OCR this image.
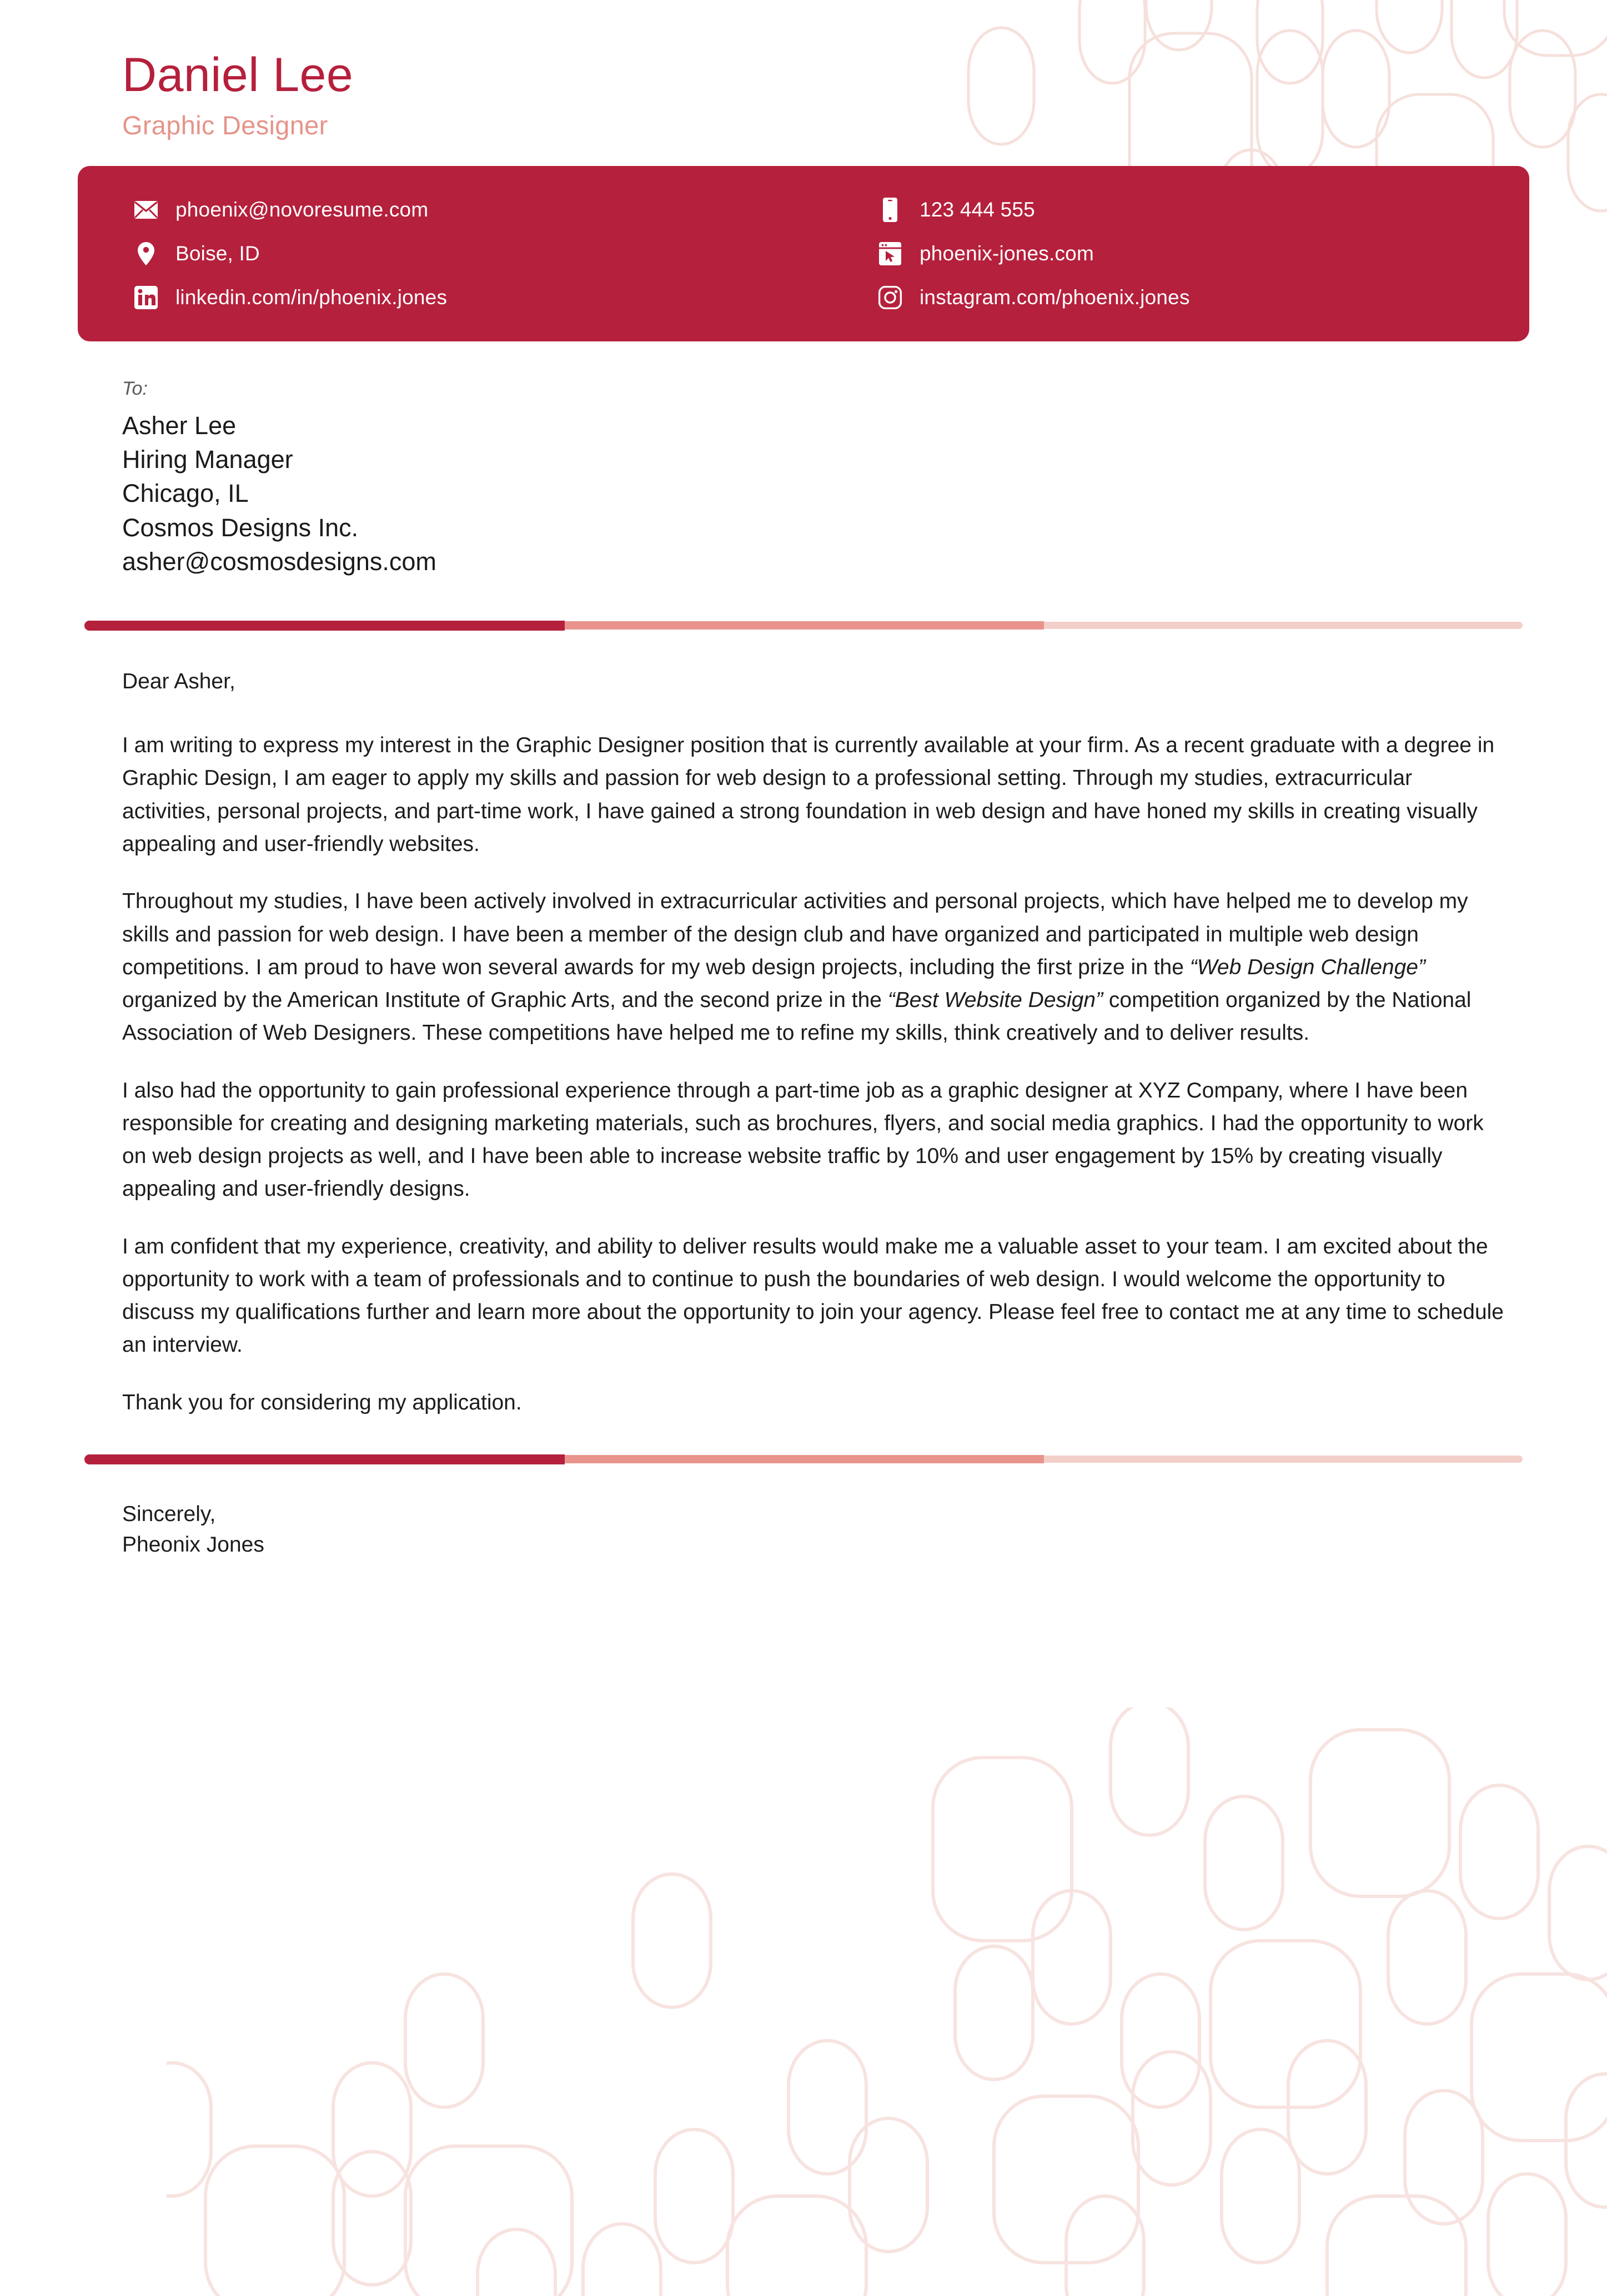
Daniel Lee
Graphic Designer
phoenix@novoresume.com
Boise, ID
linkedin.com/in/phoenix.jones
123 444 555
phoenix-jones.com
instagram.com/phoenix.jones
To:
Asher Lee
Hiring Manager
Chicago, IL
Cosmos Designs Inc.
asher@cosmosdesigns.com

Dear Asher,

I am writing to express my interest in the Graphic Designer position that is currently available at your firm. As a recent graduate with a degree in Graphic Design, I am eager to apply my skills and passion for web design to a professional setting. Through my studies, extracurricular activities, personal projects, and part-time work, I have gained a strong foundation in web design and have honed my skills in creating visually appealing and user-friendly websites.

Throughout my studies, I have been actively involved in extracurricular activities and personal projects, which have helped me to develop my skills and passion for web design. I have been a member of the design club and have organized and participated in multiple web design competitions. I am proud to have won several awards for my web design projects, including the first prize in the “Web Design Challenge” organized by the American Institute of Graphic Arts, and the second prize in the “Best Website Design” competition organized by the National Association of Web Designers. These competitions have helped me to refine my skills, think creatively and to deliver results.

I also had the opportunity to gain professional experience through a part-time job as a graphic designer at XYZ Company, where I have been responsible for creating and designing marketing materials, such as brochures, flyers, and social media graphics. I had the opportunity to work on web design projects as well, and I have been able to increase website traffic by 10% and user engagement by 15% by creating visually appealing and user-friendly designs.

I am confident that my experience, creativity, and ability to deliver results would make me a valuable asset to your team. I am excited about the opportunity to work with a team of professionals and to continue to push the boundaries of web design. I would welcome the opportunity to discuss my qualifications further and learn more about the opportunity to join your agency. Please feel free to contact me at any time to schedule an interview.

Thank you for considering my application.

Sincerely,
Pheonix Jones
